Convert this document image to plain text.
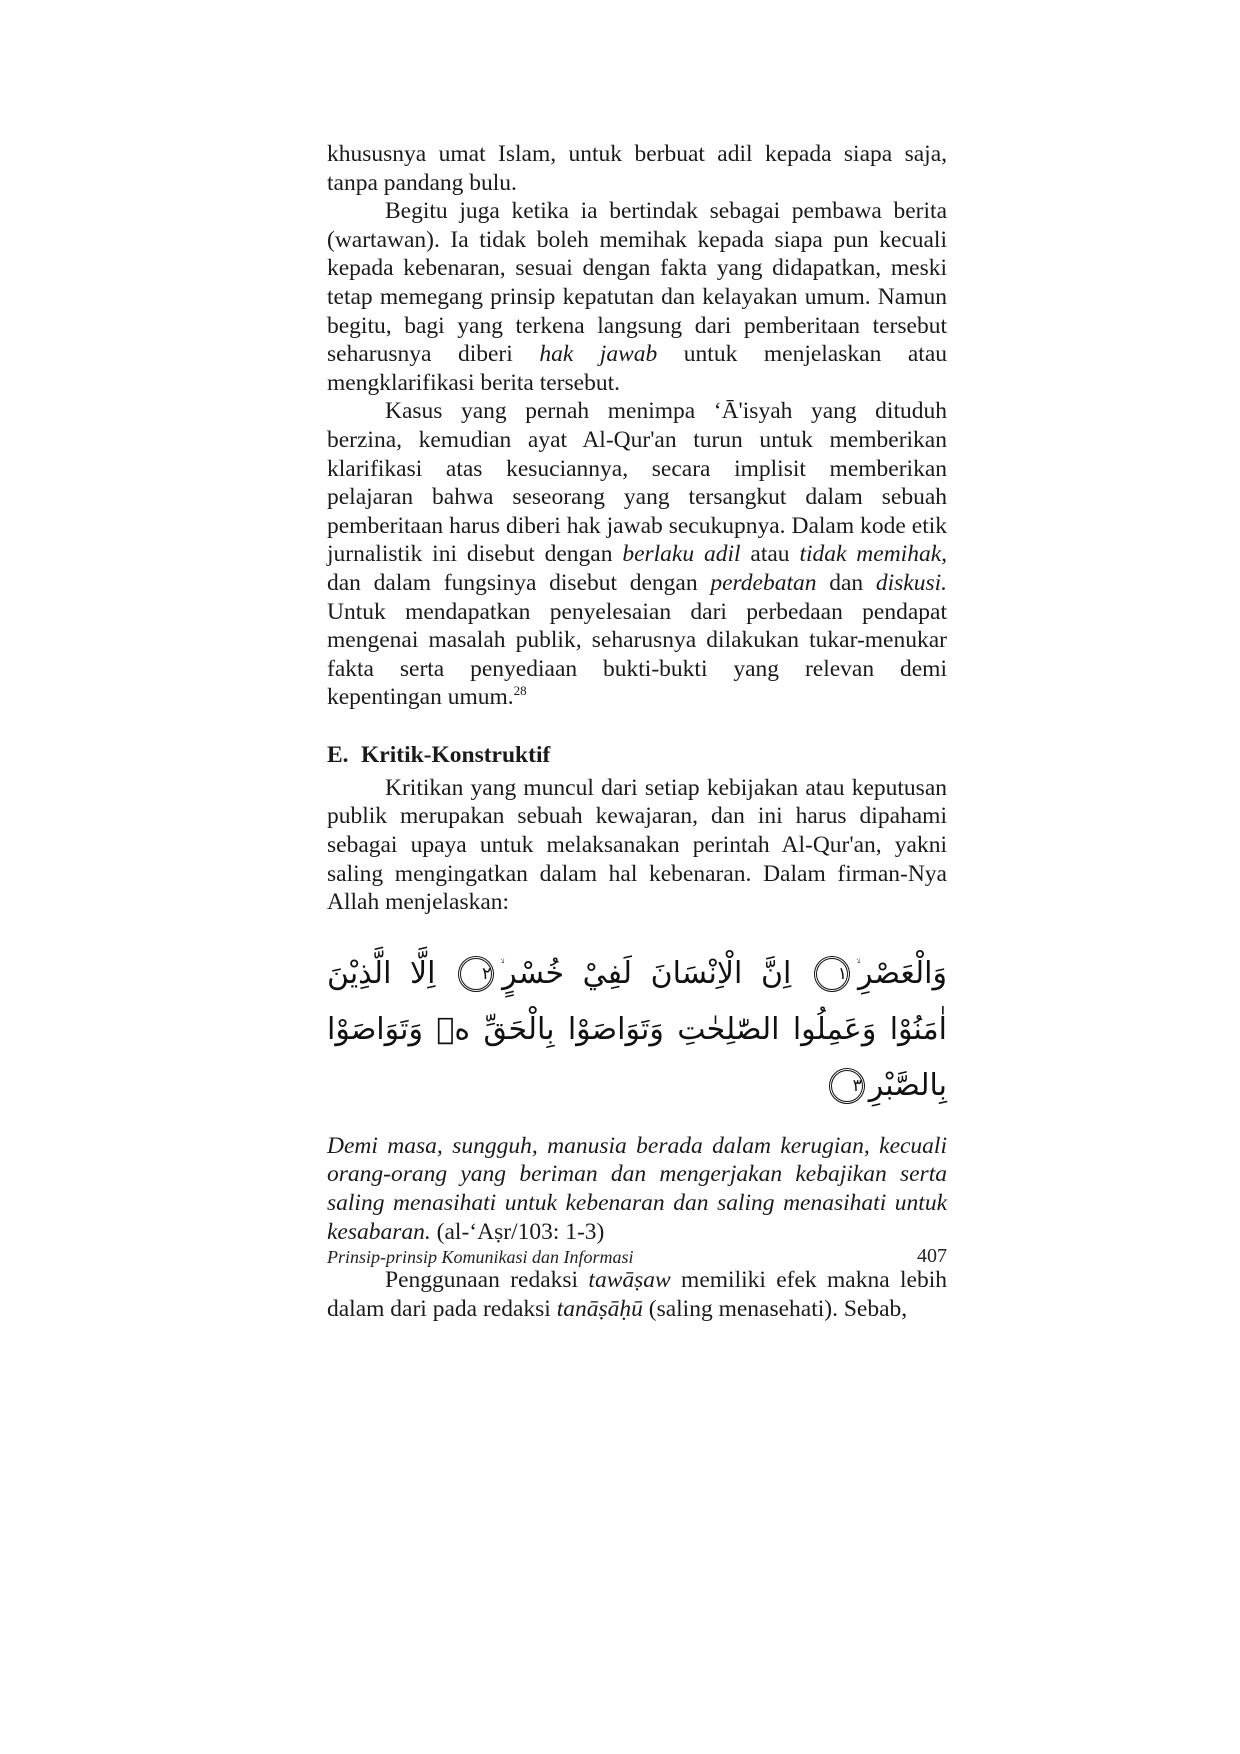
khususnya umat Islam, untuk berbuat adil kepada siapa saja, tanpa pandang bulu.

Begitu juga ketika ia bertindak sebagai pembawa berita (wartawan). Ia tidak boleh memihak kepada siapa pun kecuali kepada kebenaran, sesuai dengan fakta yang didapatkan, meski tetap memegang prinsip kepatutan dan kelayakan umum. Namun begitu, bagi yang terkena langsung dari pemberitaan tersebut seharusnya diberi hak jawab untuk menjelaskan atau mengklarifikasi berita tersebut.

Kasus yang pernah menimpa ‘Ā'isyah yang dituduh berzina, kemudian ayat Al-Qur'an turun untuk memberikan klarifikasi atas kesuciannya, secara implisit memberikan pelajaran bahwa seseorang yang tersangkut dalam sebuah pemberitaan harus diberi hak jawab secukupnya. Dalam kode etik jurnalistik ini disebut dengan berlaku adil atau tidak memihak, dan dalam fungsinya disebut dengan perdebatan dan diskusi. Untuk mendapatkan penyelesaian dari perbedaan pendapat mengenai masalah publik, seharusnya dilakukan tukar-menukar fakta serta penyediaan bukti-bukti yang relevan demi kepentingan umum.$^{28}$

E. Kritik-Konstruktif

Kritikan yang muncul dari setiap kebijakan atau keputusan publik merupakan sebuah kewajaran, dan ini harus dipahami sebagai upaya untuk melaksanakan perintah Al-Qur'an, yakni saling mengingatkan dalam hal kebenaran. Dalam firman-Nya Allah menjelaskan:

وَالْعَصْرِ١ اِنَّ الْاِنْسَانَ لَفِيْ خُسْرٍ٢ اِلَّا الَّذِيْنَ اٰمَنُوْا وَعَمِلُوا الصّٰلِحٰتِ وَتَوَاصَوْا بِالْحَقِّ ەۙ وَتَوَاصَوْا بِالصَّبْرِ٣

Demi masa, sungguh, manusia berada dalam kerugian, kecuali orang-orang yang beriman dan mengerjakan kebajikan serta saling menasihati untuk kebenaran dan saling menasihati untuk kesabaran. (al-‘Aṣr/103: 1-3)

Penggunaan redaksi tawāṣaw memiliki efek makna lebih dalam dari pada redaksi tanāṣāḥū (saling menasehati). Sebab,

Prinsip-prinsip Komunikasi dan Informasi	407
